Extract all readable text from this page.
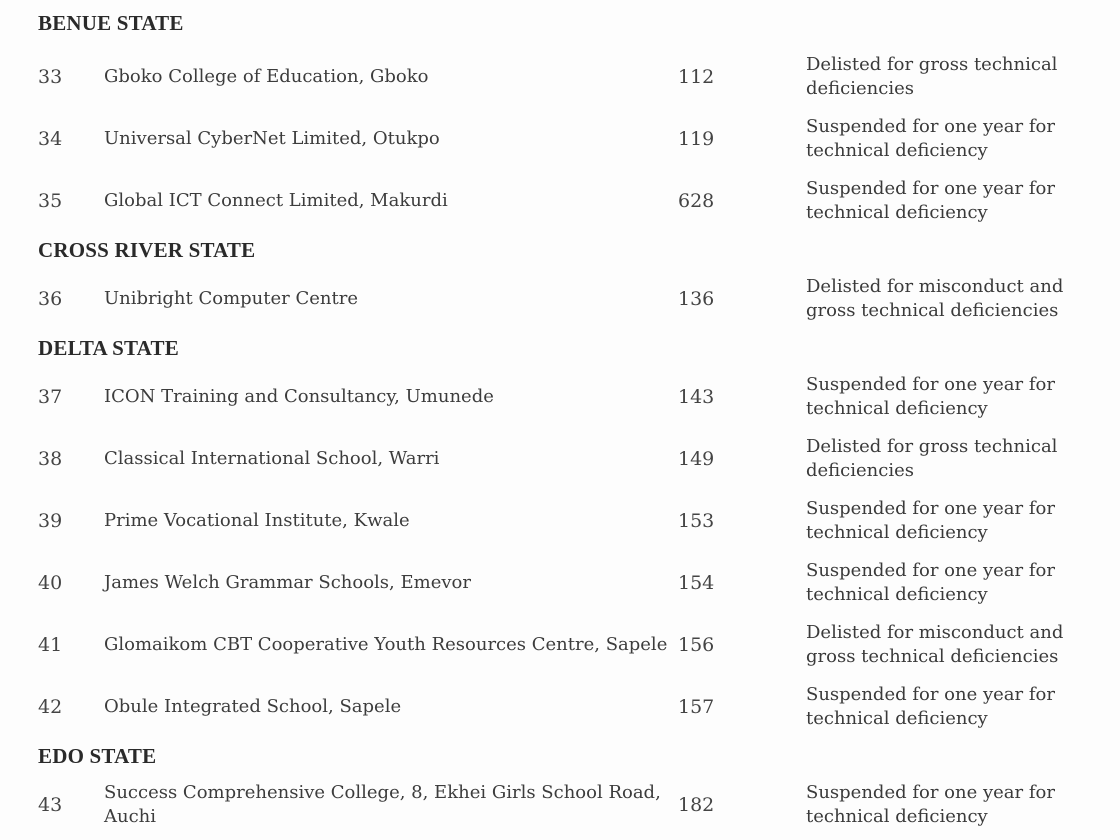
BENUE STATE			
33	Gboko College of Education, Gboko	112	Delisted for gross technical deficiencies
34	Universal CyberNet Limited, Otukpo	119	Suspended for one year for technical deficiency
35	Global ICT Connect Limited, Makurdi	628	Suspended for one year for technical deficiency
CROSS RIVER STATE			
36	Unibright Computer Centre	136	Delisted for misconduct and gross technical deficiencies
DELTA STATE			
37	ICON Training and Consultancy, Umunede	143	Suspended for one year for technical deficiency
38	Classical International School, Warri	149	Delisted for gross technical deficiencies
39	Prime Vocational Institute, Kwale	153	Suspended for one year for technical deficiency
40	James Welch Grammar Schools, Emevor	154	Suspended for one year for technical deficiency
41	Glomaikom CBT Cooperative Youth Resources Centre, Sapele	156	Delisted for misconduct and gross technical deficiencies
42	Obule Integrated School, Sapele	157	Suspended for one year for technical deficiency
EDO STATE			
43	Success Comprehensive College, 8, Ekhei Girls School Road, Auchi	182	Suspended for one year for technical deficiency
